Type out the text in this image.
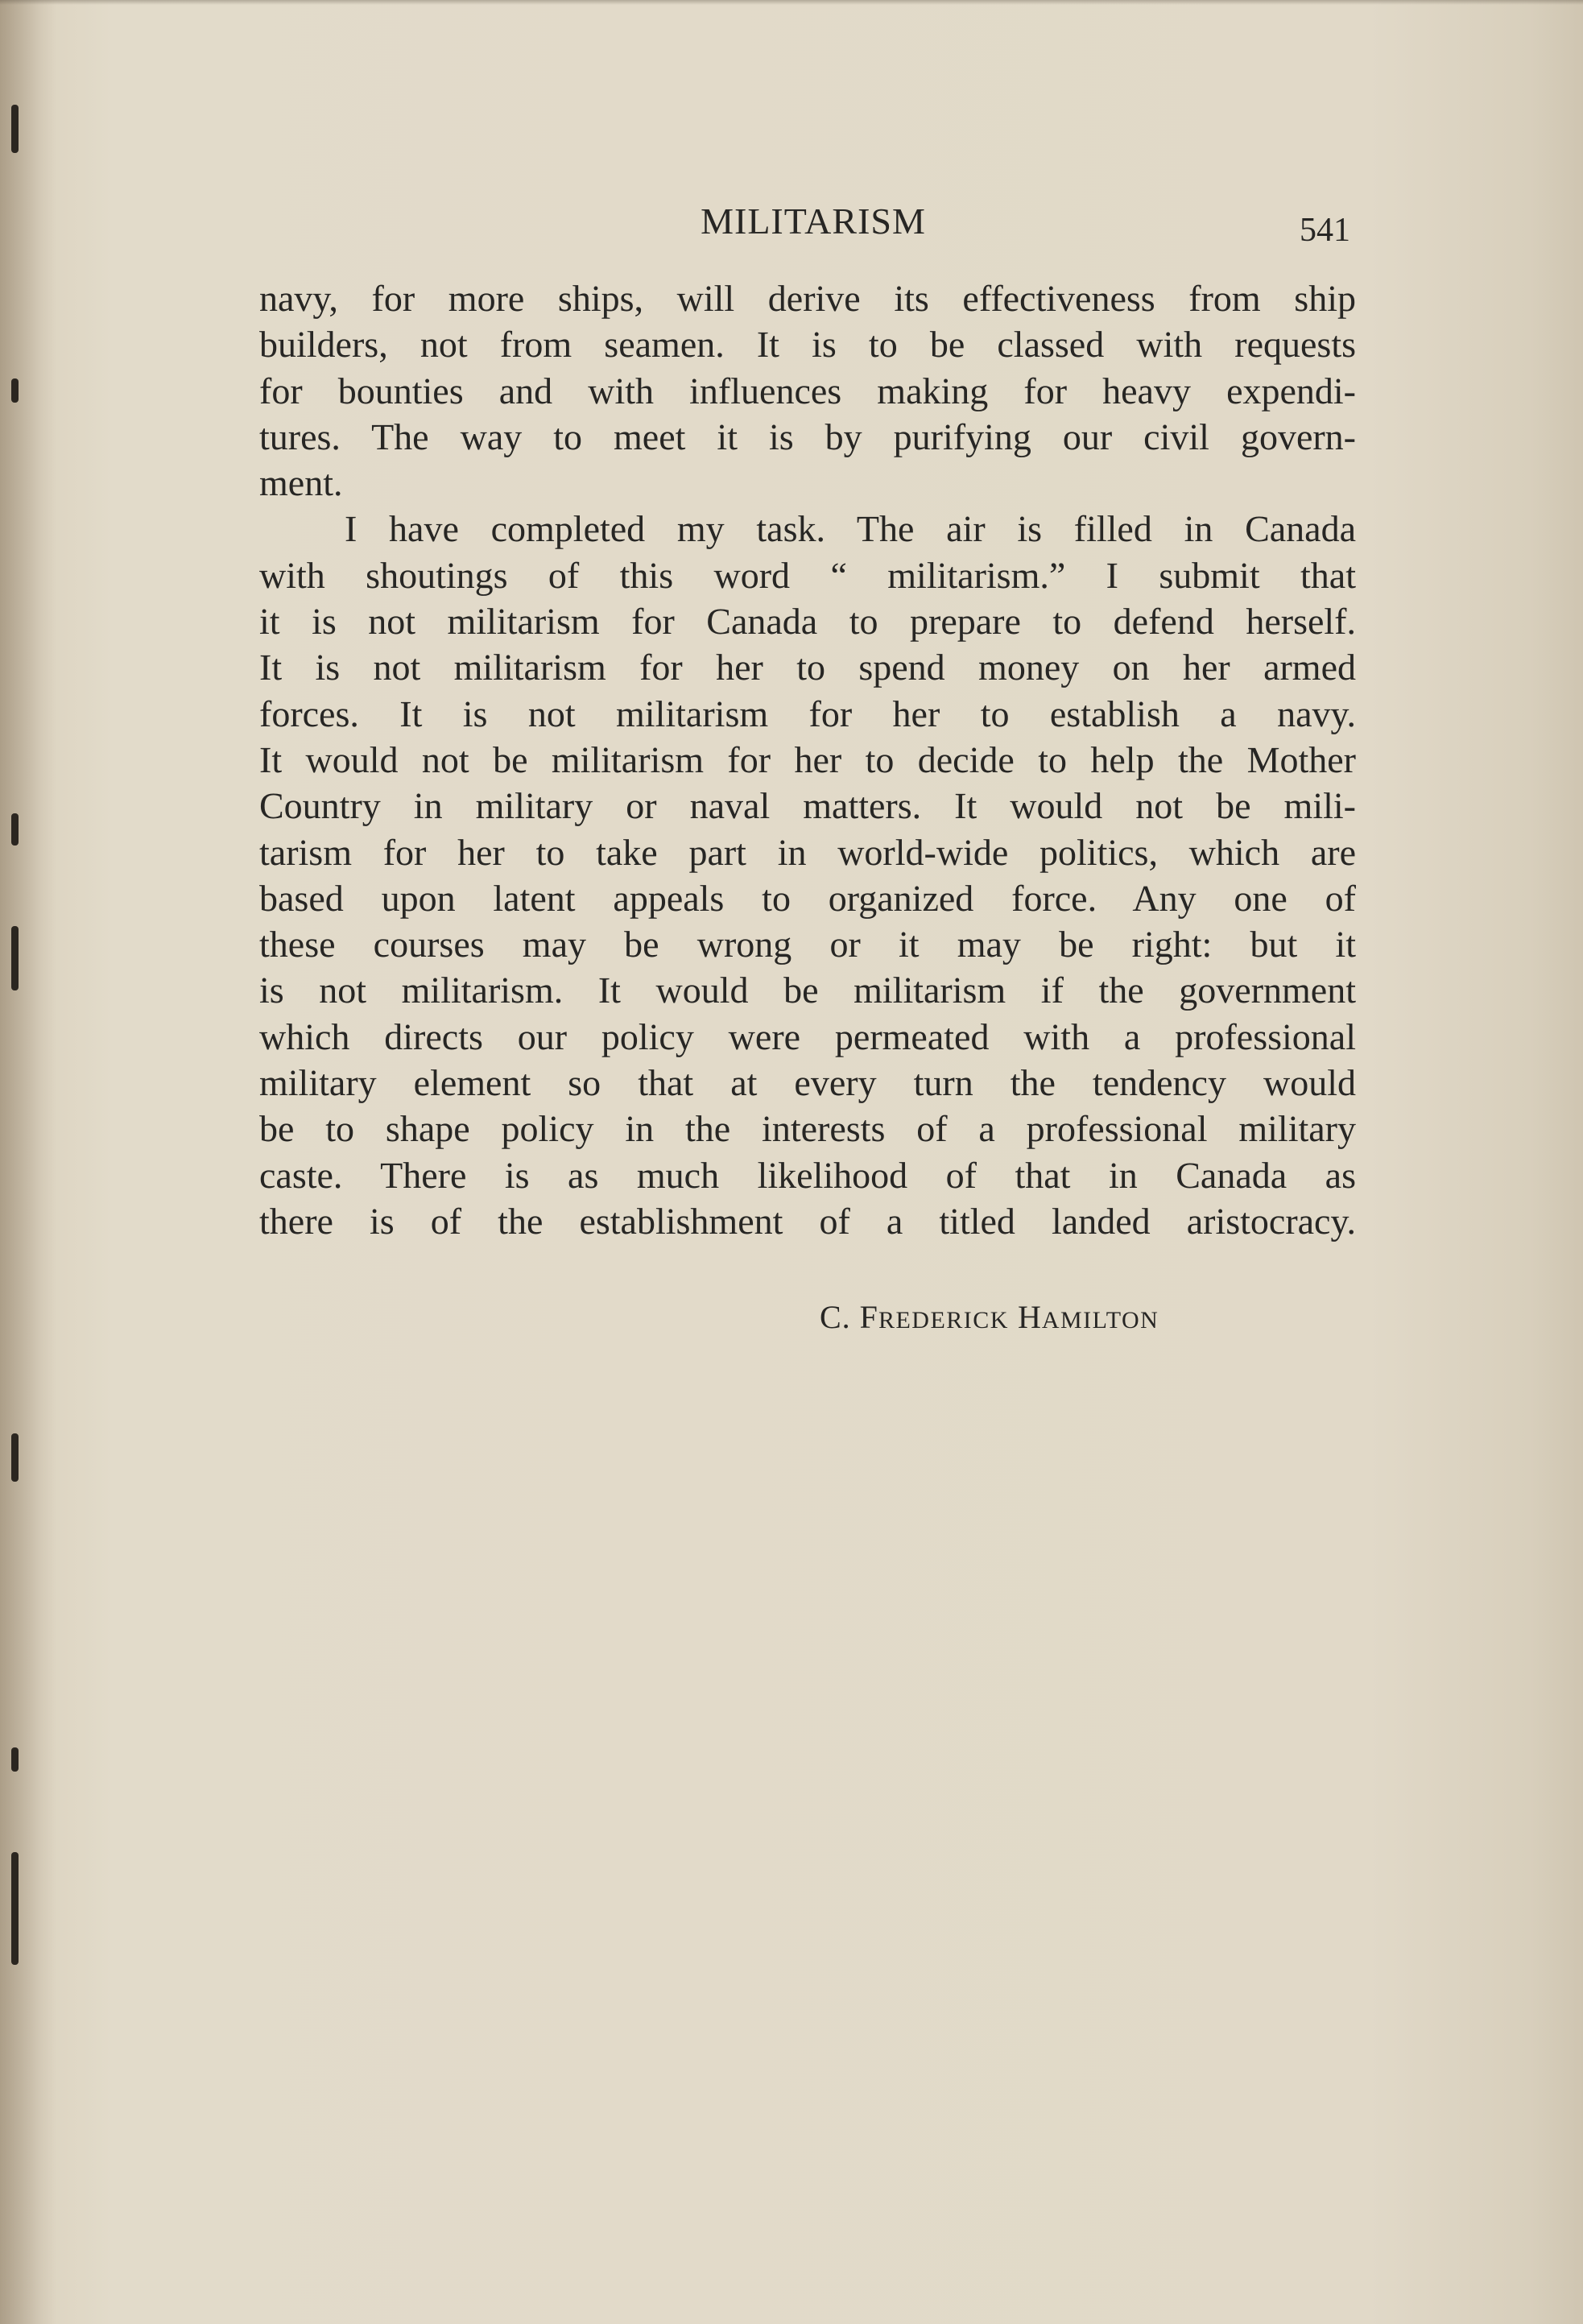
MILITARISM	541

navy, for more ships, will derive its effectiveness from ship
builders, not from seamen. It is to be classed with requests
for bounties and with influences making for heavy expendi-
tures. The way to meet it is by purifying our civil govern-
ment.

I have completed my task. The air is filled in Canada
with shoutings of this word “ militarism.” I submit that
it is not militarism for Canada to prepare to defend herself.
It is not militarism for her to spend money on her armed
forces. It is not militarism for her to establish a navy.
It would not be militarism for her to decide to help the Mother
Country in military or naval matters. It would not be mili-
tarism for her to take part in world-wide politics, which are
based upon latent appeals to organized force. Any one of
these courses may be wrong or it may be right: but it
is not militarism. It would be militarism if the government
which directs our policy were permeated with a professional
military element so that at every turn the tendency would
be to shape policy in the interests of a professional military
caste. There is as much likelihood of that in Canada as
there is of the establishment of a titled landed aristocracy.

C. FREDERICK HAMILTON
